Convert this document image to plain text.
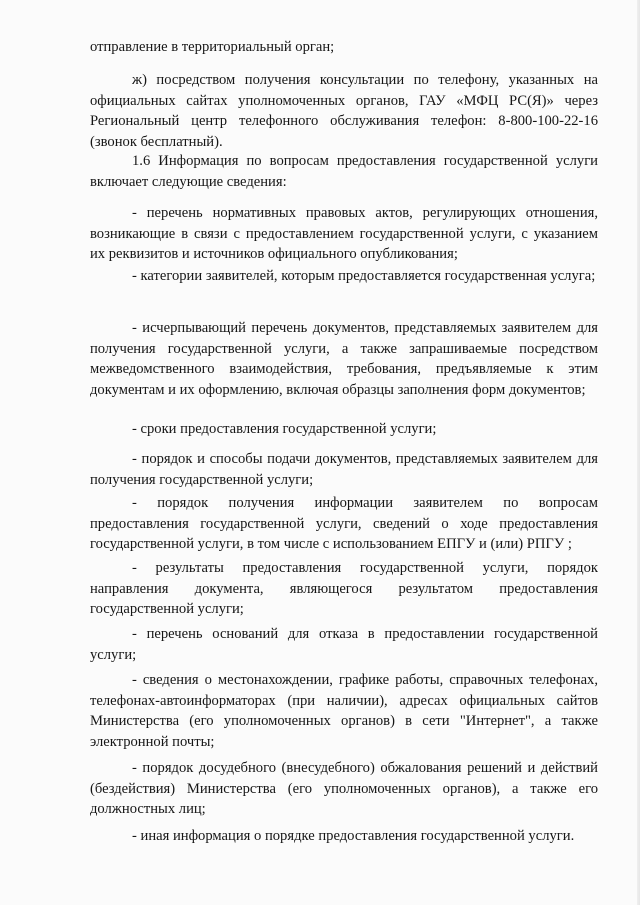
отправление в территориальный орган;

ж) посредством получения консультации по телефону, указанных на официальных сайтах уполномоченных органов, ГАУ «МФЦ РС(Я)» через Региональный центр телефонного обслуживания телефон: 8-800-100-22-16 (звонок бесплатный).

1.6 Информация по вопросам предоставления государственной услуги включает следующие сведения:

- перечень нормативных правовых актов, регулирующих отношения, возникающие в связи с предоставлением государственной услуги, с указанием их реквизитов и источников официального опубликования;

- категории заявителей, которым предоставляется государственная услуга;

- исчерпывающий перечень документов, представляемых заявителем для получения государственной услуги, а также запрашиваемые посредством межведомственного взаимодействия, требования, предъявляемые к этим документам и их оформлению, включая образцы заполнения форм документов;

- сроки предоставления государственной услуги;

- порядок и способы подачи документов, представляемых заявителем для получения государственной услуги;

- порядок получения информации заявителем по вопросам предоставления государственной услуги, сведений о ходе предоставления государственной услуги, в том числе с использованием ЕПГУ и (или) РПГУ ;

- результаты предоставления государственной услуги, порядок направления документа, являющегося результатом предоставления государственной услуги;

- перечень оснований для отказа в предоставлении государственной услуги;

- сведения о местонахождении, графике работы, справочных телефонах, телефонах-автоинформаторах (при наличии), адресах официальных сайтов Министерства (его уполномоченных органов) в сети "Интернет", а также электронной почты;

- порядок досудебного (внесудебного) обжалования решений и действий (бездействия) Министерства (его уполномоченных органов), а также его должностных лиц;

- иная информация о порядке предоставления государственной услуги.
